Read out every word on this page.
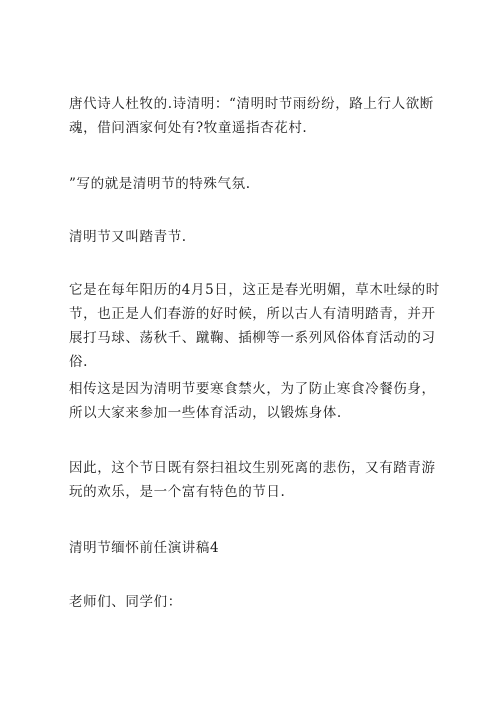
唐代诗人杜牧的.诗清明：“清明时节雨纷纷，路上行人欲断魂，借问酒家何处有?牧童遥指杏花村.

”写的就是清明节的特殊气氛.

清明节又叫踏青节.

它是在每年阳历的4月5日，这正是春光明媚，草木吐绿的时节，也正是人们春游的好时候，所以古人有清明踏青，并开展打马球、荡秋千、蹴鞠、插柳等一系列风俗体育活动的习俗.

相传这是因为清明节要寒食禁火，为了防止寒食冷餐伤身，所以大家来参加一些体育活动，以锻炼身体.

因此，这个节日既有祭扫祖坟生别死离的悲伤，又有踏青游玩的欢乐，是一个富有特色的节日.

清明节缅怀前任演讲稿4

老师们、同学们：
